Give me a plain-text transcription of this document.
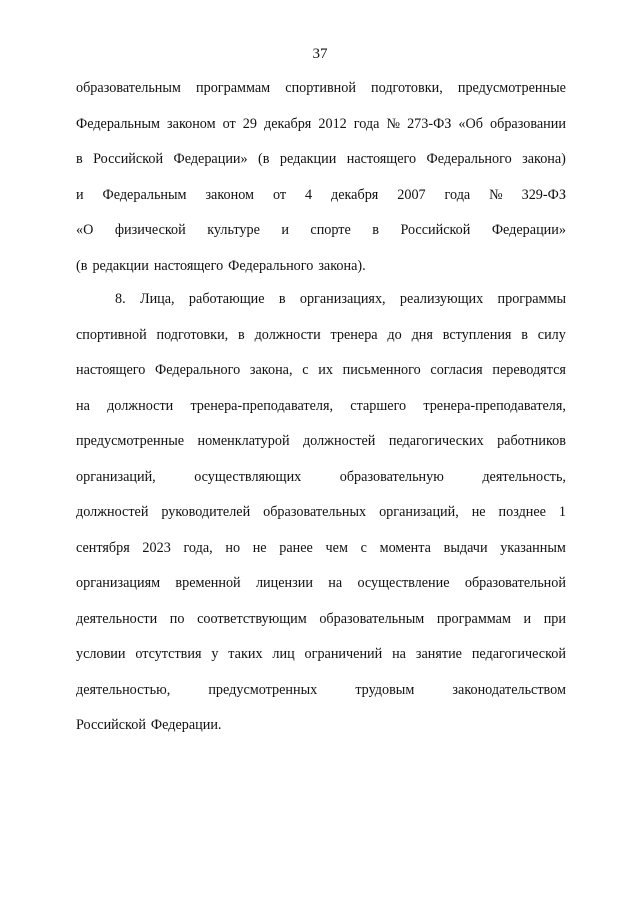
37
образовательным программам спортивной подготовки, предусмотренные
Федеральным законом от 29 декабря 2012 года № 273-ФЗ «Об образовании
в Российской Федерации» (в редакции настоящего Федерального закона)
и Федеральным законом от 4 декабря 2007 года № 329-ФЗ
«О физической культуре и спорте в Российской Федерации»
(в редакции настоящего Федерального закона).
8. Лица, работающие в организациях, реализующих программы
спортивной подготовки, в должности тренера до дня вступления в силу
настоящего Федерального закона, с их письменного согласия переводятся
на должности тренера-преподавателя, старшего тренера-преподавателя,
предусмотренные номенклатурой должностей педагогических работников
организаций,	осуществляющих	образовательную	деятельность,
должностей руководителей образовательных организаций, не позднее 1
сентября 2023 года, но не ранее чем с момента выдачи указанным
организациям временной лицензии на осуществление образовательной
деятельности по соответствующим образовательным программам и при
условии отсутствия у таких лиц ограничений на занятие педагогической
деятельностью,	предусмотренных	трудовым	законодательством
Российской Федерации.
